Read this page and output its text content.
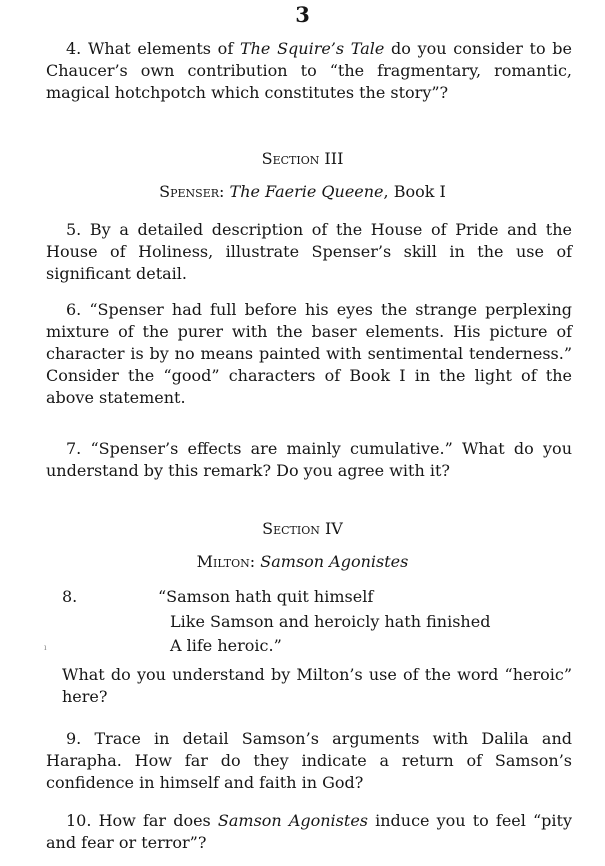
3

4. What elements of The Squire’s Tale do you consider to be Chaucer’s own contribution to “the fragmentary, romantic, magical hotchpotch which constitutes the story”?

Section III

Spenser: The Faerie Queene, Book I

5. By a detailed description of the House of Pride and the House of Holiness, illustrate Spenser’s skill in the use of significant detail.

6. “Spenser had full before his eyes the strange perplexing mixture of the purer with the baser elements. His picture of character is by no means painted with sentimental tenderness.” Consider the “good” characters of Book I in the light of the above statement.

7. “Spenser’s effects are mainly cumulative.” What do you understand by this remark? Do you agree with it?

Section IV

Milton: Samson Agonistes

8.	“Samson hath quit himself
Like Samson and heroicly hath finished
A life heroic.”
ı

What do you understand by Milton’s use of the word “heroic” here?

9. Trace in detail Samson’s arguments with Dalila and Harapha. How far do they indicate a return of Samson’s confidence in himself and faith in God?

10. How far does Samson Agonistes induce you to feel “pity and fear or terror”?
